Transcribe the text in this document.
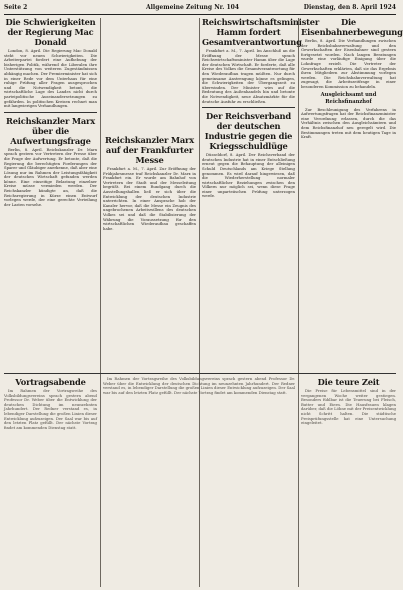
Seite 2	Allgemeine Zeitung Nr. 104	Dienstag, den 8. April 1924
Die Schwierigkeiten der Regierung Mac Donald

London, 8. April. Die Regierung Mac Donald steht vor neuen Schwierigkeiten. Die Arbeiterpartei fordert eine Aufhebung der bisherigen Politik, während die Liberalen ihre Unterstützung von weiteren Zugeständnissen abhängig machen. Der Premierminister hat sich in einer Rede vor dem Unterhaus für eine ruhige Prüfung aller Fragen ausgesprochen und die Notwendigkeit betont, die wirtschaftliche Lage des Landes nicht durch parteipolitische Auseinandersetzungen zu gefährden. In politischen Kreisen rechnet man mit langwierigen Verhandlungen.

Reichskanzler Marx über die Aufwertungsfrage

Berlin, 8. April. Reichskanzler Dr. Marx sprach gestern vor Vertretern der Presse über die Frage der Aufwertung. Er betonte, daß die Regierung die berechtigten Forderungen der Sparer und Gläubiger anerkenne, daß aber eine Lösung nur im Rahmen der Leistungsfähigkeit der deutschen Wirtschaft gefunden werden könne. Eine einseitige Belastung einzelner Kreise müsse vermieden werden. Der Reichskanzler kündigte an, daß die Reichsregierung in Kürze einen Entwurf vorlegen werde, der eine gerechte Verteilung der Lasten vorsehe.

Reichskanzler Marx auf der Frankfurter Messe

Frankfurt a. M., 7. April. Zur Eröffnung der Frühjahrsmesse traf Reichskanzler Dr. Marx in Frankfurt ein. Er wurde am Bahnhof von Vertretern der Stadt und der Messeleitung begrüßt. Bei einem Rundgang durch die Ausstellungshallen ließ er sich über die Entwicklung der deutschen Industrie unterrichten. In einer Ansprache hob der Kanzler hervor, daß die Messe ein Zeugnis des ungebrochenen Arbeitswillens des deutschen Volkes sei und daß die Stabilisierung der Währung die Voraussetzung für den wirtschaftlichen Wiederaufbau geschaffen habe.

Reichswirtschaftsminister Hamm fordert Gesamtverantwortung

Frankfurt a. M., 7. April. Im Anschluß an die Eröffnung der Messe sprach Reichswirtschaftsminister Hamm über die Lage der deutschen Wirtschaft. Er forderte, daß alle Kreise des Volkes die Gesamtverantwortung für den Wiederaufbau tragen müßten. Nur durch gemeinsame Anstrengung könne es gelingen, die Schwierigkeiten der Übergangszeit zu überwinden. Der Minister wies auf die Bedeutung des Außenhandels hin und betonte die Notwendigkeit, neue Absatzmärkte für die deutsche Ausfuhr zu erschließen.

Der Reichsverband der deutschen Industrie gegen die Kriegsschuldlüge

Düsseldorf, 8. April. Der Reichsverband der deutschen Industrie hat in einer Entschließung erneut gegen die Behauptung der alleinigen Schuld Deutschlands am Kriege Stellung genommen. Es wird darauf hingewiesen, daß die Wiederherstellung normaler wirtschaftlicher Beziehungen zwischen den Völkern nur möglich sei, wenn diese Frage einer unparteiischen Prüfung unterzogen werde.

Die Eisenbahnerbewegung

Berlin, 8. April. Die Verhandlungen zwischen der Reichsbahnverwaltung und den Gewerkschaften der Eisenbahner sind gestern fortgesetzt worden. Nach langen Beratungen wurde eine vorläufige Einigung über die Lohnfrage erzielt. Die Vertreter der Gewerkschaften erklärten, daß sie das Ergebnis ihren Mitgliedern zur Abstimmung vorlegen werden. Die Reichsbahnverwaltung hat zugesagt, die Arbeitszeitfrage in einer besonderen Kommission zu behandeln.

Ausgleichsamt und Reichsfinanzhof

Zur Beschleunigung des Verfahrens in Aufwertungsfragen hat der Reichsfinanzminister eine Verordnung erlassen, durch die das Verhältnis zwischen den Ausgleichsämtern und dem Reichsfinanzhof neu geregelt wird. Die Bestimmungen treten mit dem heutigen Tage in Kraft.

Vortragsabende

Im Rahmen der Vortragsreihe des Volksbildungsvereins sprach gestern abend Professor Dr. Weber über die Entwicklung der deutschen Dichtung im neunzehnten Jahrhundert. Der Redner verstand es, in lebendiger Darstellung die großen Linien dieser Entwicklung aufzuzeigen. Der Saal war bis auf den letzten Platz gefüllt. Der nächste Vortrag findet am kommenden Dienstag statt.

Im Rahmen der Vortragsreihe des Volksbildungsvereins sprach gestern abend Professor Dr. Weber über die Entwicklung der deutschen Dichtung im neunzehnten Jahrhundert. Der Redner verstand es, in lebendiger Darstellung die großen Linien dieser Entwicklung aufzuzeigen. Der Saal war bis auf den letzten Platz gefüllt. Der nächste Vortrag findet am kommenden Dienstag statt.

Die teure Zeit

Die Preise für Lebensmittel sind in der vergangenen Woche weiter gestiegen. Besonders fühlbar ist die Teuerung bei Fleisch, Butter und Eiern. Die Hausfrauen klagen darüber, daß die Löhne mit der Preisentwicklung nicht Schritt halten. Die städtische Preisprüfungsstelle hat eine Untersuchung eingeleitet.
